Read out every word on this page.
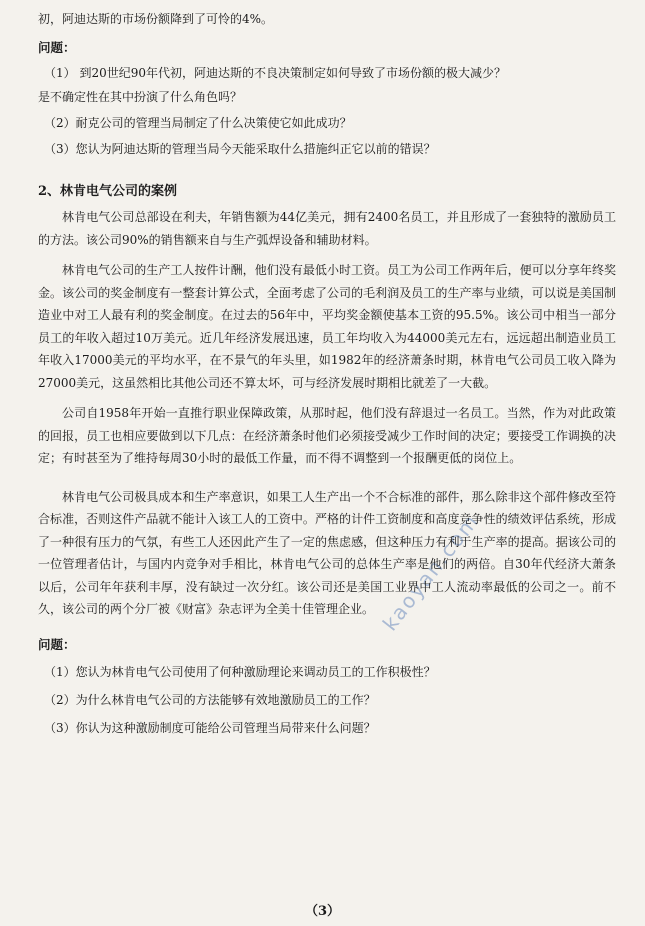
kaoyan.com

初，阿迪达斯的市场份额降到了可怜的4%。

问题：

（1） 到20世纪90年代初，阿迪达斯的不良决策制定如何导致了市场份额的极大减少？

是不确定性在其中扮演了什么角色吗？

（2）耐克公司的管理当局制定了什么决策使它如此成功？

（3）您认为阿迪达斯的管理当局今天能采取什么措施纠正它以前的错误？

2、林肯电气公司的案例

林肯电气公司总部设在利夫，年销售额为44亿美元，拥有2400名员工，并且形成了一套独特的激励员工的方法。该公司90%的销售额来自与生产弧焊设备和辅助材料。

林肯电气公司的生产工人按件计酬，他们没有最低小时工资。员工为公司工作两年后，便可以分享年终奖金。该公司的奖金制度有一整套计算公式，全面考虑了公司的毛利润及员工的生产率与业绩，可以说是美国制造业中对工人最有利的奖金制度。在过去的56年中，平均奖金额使基本工资的95.5%。该公司中相当一部分员工的年收入超过10万美元。近几年经济发展迅速，员工年均收入为44000美元左右，远远超出制造业员工年收入17000美元的平均水平，在不景气的年头里，如1982年的经济萧条时期，林肯电气公司员工收入降为27000美元，这虽然相比其他公司还不算太坏，可与经济发展时期相比就差了一大截。

公司自1958年开始一直推行职业保障政策，从那时起，他们没有辞退过一名员工。当然，作为对此政策的回报，员工也相应要做到以下几点：在经济萧条时他们必须接受减少工作时间的决定；要接受工作调换的决定；有时甚至为了维持每周30小时的最低工作量，而不得不调整到一个报酬更低的岗位上。

林肯电气公司极具成本和生产率意识，如果工人生产出一个不合标准的部件，那么除非这个部件修改至符合标准，否则这件产品就不能计入该工人的工资中。严格的计件工资制度和高度竞争性的绩效评估系统，形成了一种很有压力的气氛，有些工人还因此产生了一定的焦虑感，但这种压力有利于生产率的提高。据该公司的一位管理者估计，与国内内竞争对手相比，林肯电气公司的总体生产率是他们的两倍。自30年代经济大萧条以后，公司年年获利丰厚，没有缺过一次分红。该公司还是美国工业界中工人流动率最低的公司之一。前不久，该公司的两个分厂被《财富》杂志评为全美十佳管理企业。

问题：

（1）您认为林肯电气公司使用了何种激励理论来调动员工的工作积极性？

（2）为什么林肯电气公司的方法能够有效地激励员工的工作？

（3）你认为这种激励制度可能给公司管理当局带来什么问题？

（3）
